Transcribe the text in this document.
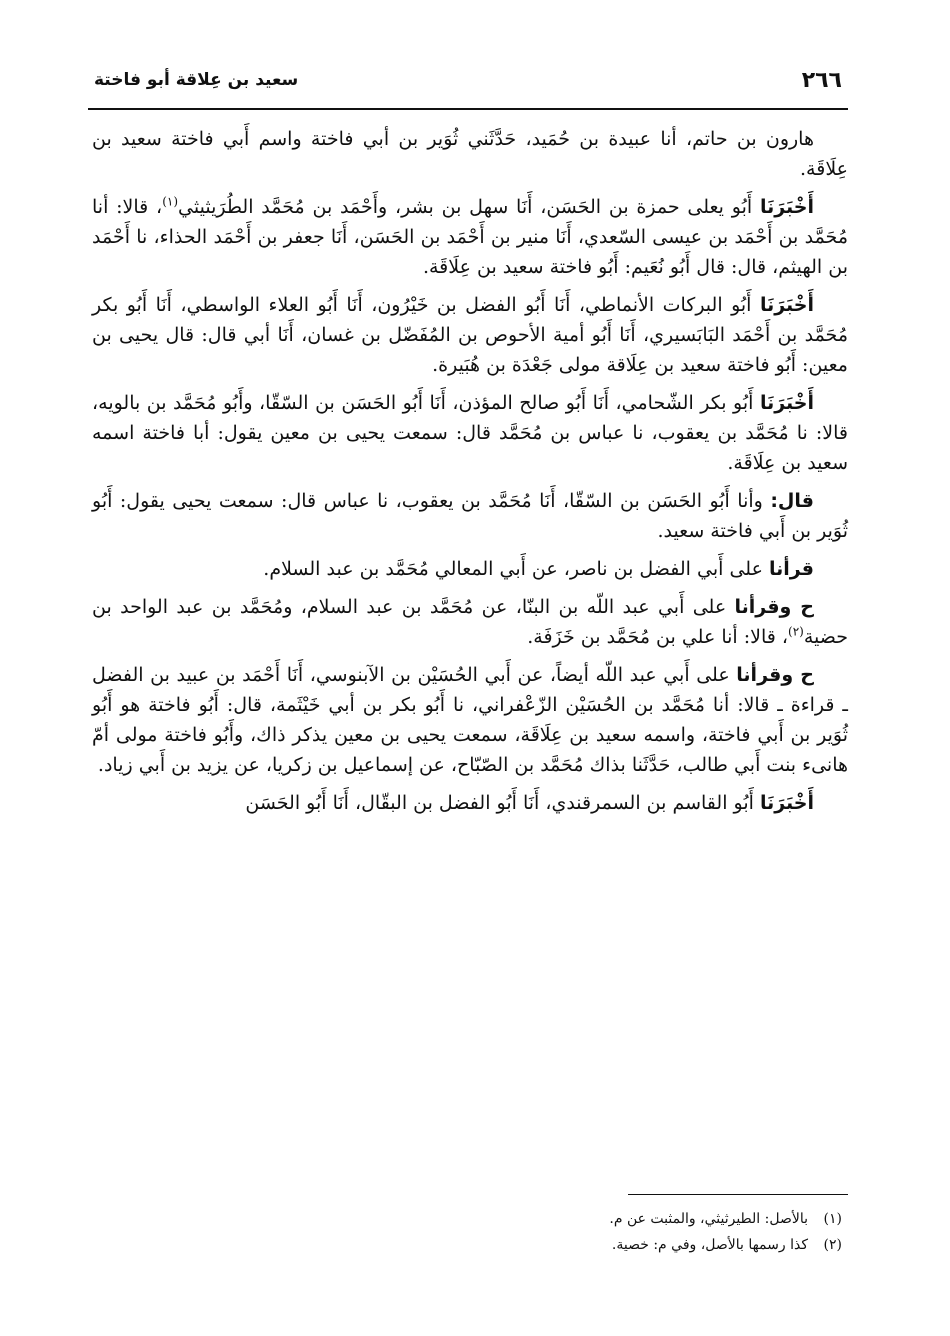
٢٦٦
سعيد بن عِلاقة أبو فاختة

هارون بن حاتم، أنا عبيدة بن حُمَيد، حَدَّثَني ثُوَير بن أبي فاختة واسم أَبي فاختة سعيد بن عِلَاقَة.

أَخْبَرَنَا أَبُو يعلى حمزة بن الحَسَن، أَنَا سهل بن بشر، وأَحْمَد بن مُحَمَّد الطُرَيثيثي$^{(١)}$، قالا: أنا مُحَمَّد بن أَحْمَد بن عيسى السّعدي، أَنَا منير بن أَحْمَد بن الحَسَن، أَنَا جعفر بن أَحْمَد الحذاء، نا أَحْمَد بن الهيثم، قال: قال أَبُو نُعَيم: أَبُو فاختة سعيد بن عِلَاقَة.

أَخْبَرَنَا أَبُو البركات الأنماطي، أَنَا أَبُو الفضل بن خَيْرُون، أَنَا أَبُو العلاء الواسطي، أَنَا أَبُو بكر مُحَمَّد بن أَحْمَد البَابَسيري، أَنَا أَبُو أمية الأحوص بن المُفَضّل بن غسان، أَنَا أبي قال: قال يحيى بن معين: أَبُو فاختة سعيد بن عِلَاقة مولى جَعْدَة بن هُبَيرة.

أَخْبَرَنَا أَبُو بكر الشّحامي، أَنَا أَبُو صالح المؤذن، أَنَا أَبُو الحَسَن بن السّقّا، وأَبُو مُحَمَّد بن بالويه، قالا: نا مُحَمَّد بن يعقوب، نا عباس بن مُحَمَّد قال: سمعت يحيى بن معين يقول: أبا فاختة اسمه سعيد بن عِلَاقَة.

قال: وأنا أَبُو الحَسَن بن السّقّا، أَنَا مُحَمَّد بن يعقوب، نا عباس قال: سمعت يحيى يقول: أَبُو ثُوَير بن أَبي فاختة سعيد.

قرأنا على أَبي الفضل بن ناصر، عن أَبي المعالي مُحَمَّد بن عبد السلام.

ح وقرأنا على أَبي عبد اللّه بن البنّا، عن مُحَمَّد بن عبد السلام، ومُحَمَّد بن عبد الواحد بن حضية$^{(٢)}$، قالا: أنا علي بن مُحَمَّد بن خَزَفَة.

ح وقرأنا على أَبي عبد اللّه أيضاً، عن أَبي الحُسَيْن بن الآبنوسي، أَنَا أَحْمَد بن عبيد بن الفضل ـ قراءة ـ قالا: أنا مُحَمَّد بن الحُسَيْن الزّعْفراني، نا أَبُو بكر بن أبي خَيْثَمة، قال: أَبُو فاختة هو أَبُو ثُوَير بن أَبي فاختة، واسمه سعيد بن عِلَاقَة، سمعت يحيى بن معين يذكر ذاك، وأَبُو فاختة مولى أمّ هانىء بنت أَبي طالب، حَدَّثَنا بذاك مُحَمَّد بن الصّبّاح، عن إسماعيل بن زكريا، عن يزيد بن أَبي زياد.

أَخْبَرَنَا أَبُو القاسم بن السمرقندي، أَنَا أَبُو الفضل بن البقّال، أَنَا أَبُو الحَسَن

(١)بالأصل: الطيرثيثي، والمثبت عن م.

(٢)كذا رسمها بالأصل، وفي م: خصية.
